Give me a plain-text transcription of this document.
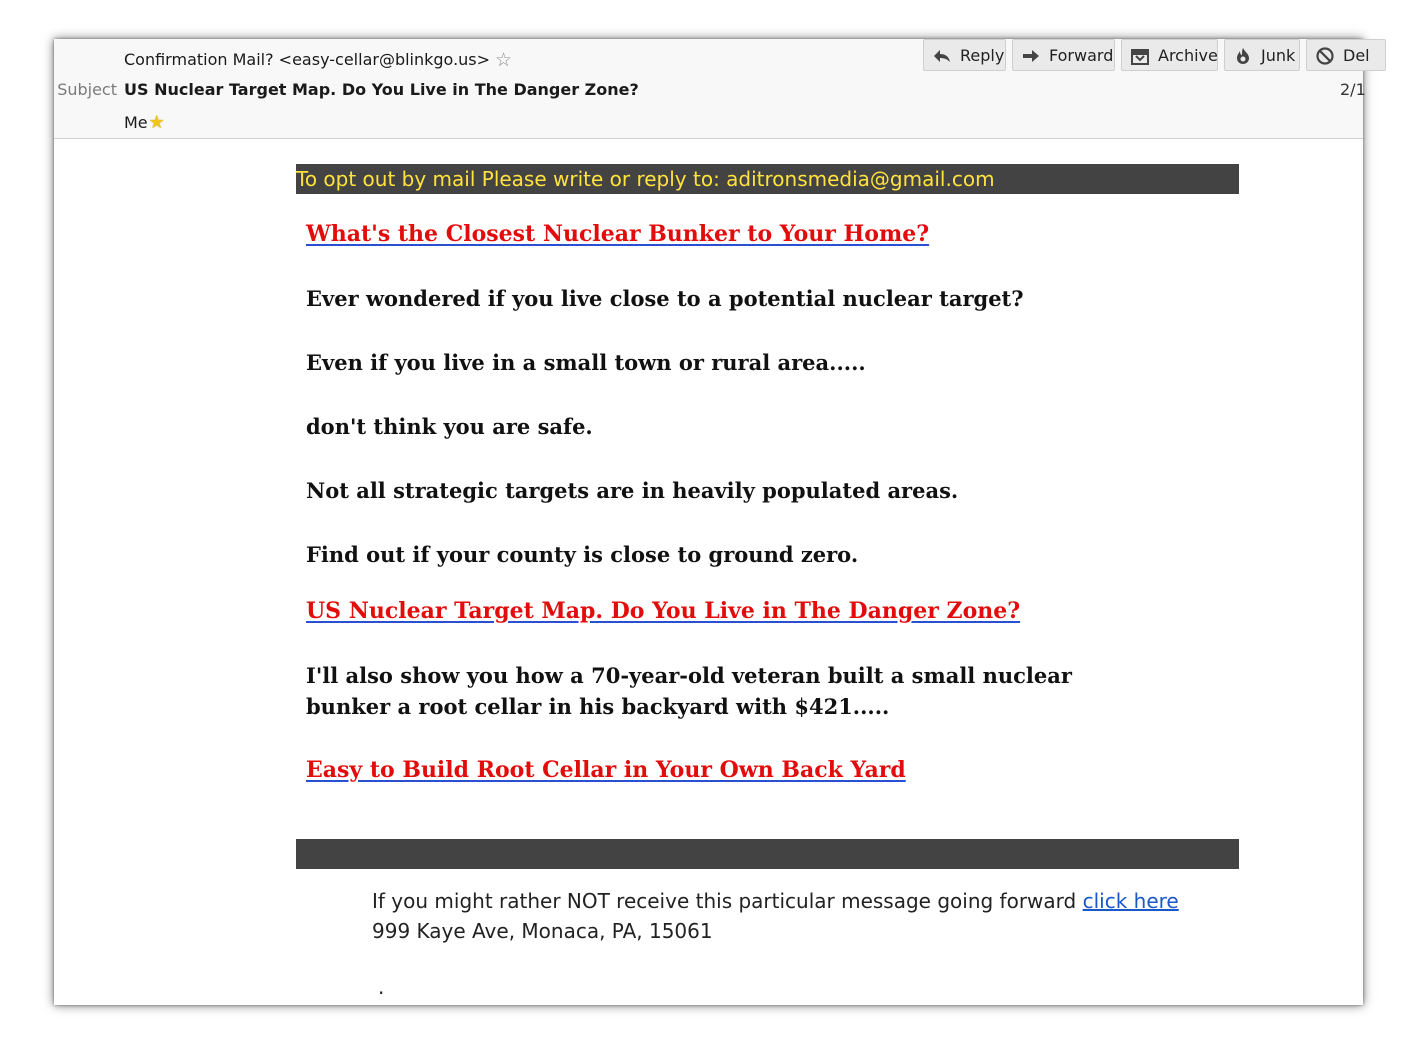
Confirmation Mail? <easy-cellar@blinkgo.us> ☆
Subject US Nuclear Target Map. Do You Live in The Danger Zone?	2/1
Me★
Reply	Forward	Archive	Junk	Del
To opt out by mail Please write or reply to: aditronsmedia@gmail.com
What's the Closest Nuclear Bunker to Your Home?
Ever wondered if you live close to a potential nuclear target?
Even if you live in a small town or rural area.....
don't think you are safe.
Not all strategic targets are in heavily populated areas.
Find out if your county is close to ground zero.
US Nuclear Target Map. Do You Live in The Danger Zone?
I'll also show you how a 70-year-old veteran built a small nuclear bunker a root cellar in his backyard with $421.....
Easy to Build Root Cellar in Your Own Back Yard
If you might rather NOT receive this particular message going forward click here
999 Kaye Ave, Monaca, PA, 15061
.
